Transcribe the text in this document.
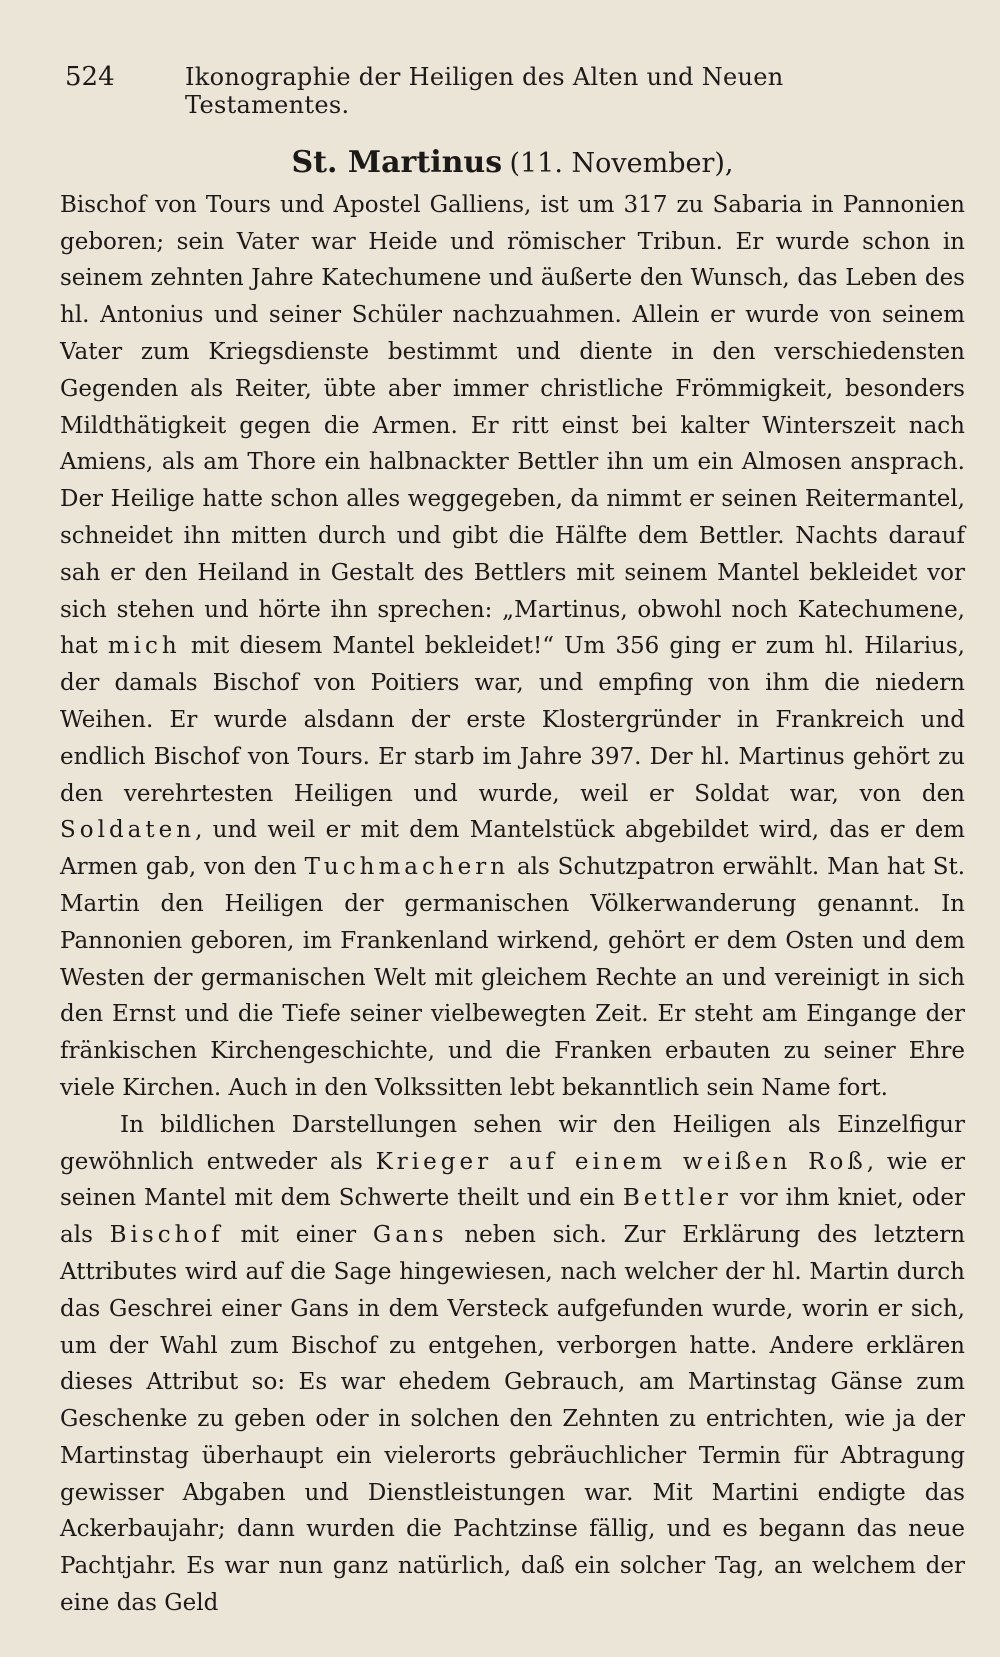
524	Ikonographie der Heiligen des Alten und Neuen Testamentes.
St. Martinus (11. November),

Bischof von Tours und Apostel Galliens, ist um 317 zu Sabaria in Pannonien geboren; sein Vater war Heide und römischer Tribun. Er wurde schon in seinem zehnten Jahre Katechumene und äußerte den Wunsch, das Leben des hl. Antonius und seiner Schüler nachzuahmen. Allein er wurde von seinem Vater zum Kriegsdienste bestimmt und diente in den verschiedensten Gegenden als Reiter, übte aber immer christliche Frömmigkeit, besonders Mildthätigkeit gegen die Armen. Er ritt einst bei kalter Winterszeit nach Amiens, als am Thore ein halbnackter Bettler ihn um ein Almosen ansprach. Der Heilige hatte schon alles weggegeben, da nimmt er seinen Reitermantel, schneidet ihn mitten durch und gibt die Hälfte dem Bettler. Nachts darauf sah er den Heiland in Gestalt des Bettlers mit seinem Mantel bekleidet vor sich stehen und hörte ihn sprechen: „Martinus, obwohl noch Katechumene, hat mich mit diesem Mantel bekleidet!“ Um 356 ging er zum hl. Hilarius, der damals Bischof von Poitiers war, und empfing von ihm die niedern Weihen. Er wurde alsdann der erste Klostergründer in Frankreich und endlich Bischof von Tours. Er starb im Jahre 397. Der hl. Martinus gehört zu den verehrtesten Heiligen und wurde, weil er Soldat war, von den Soldaten, und weil er mit dem Mantelstück abgebildet wird, das er dem Armen gab, von den Tuchmachern als Schutzpatron erwählt. Man hat St. Martin den Heiligen der germanischen Völkerwanderung genannt. In Pannonien geboren, im Frankenland wirkend, gehört er dem Osten und dem Westen der germanischen Welt mit gleichem Rechte an und vereinigt in sich den Ernst und die Tiefe seiner vielbewegten Zeit. Er steht am Eingange der fränkischen Kirchengeschichte, und die Franken erbauten zu seiner Ehre viele Kirchen. Auch in den Volkssitten lebt bekanntlich sein Name fort.

In bildlichen Darstellungen sehen wir den Heiligen als Einzelfigur gewöhnlich entweder als Krieger auf einem weißen Roß, wie er seinen Mantel mit dem Schwerte theilt und ein Bettler vor ihm kniet, oder als Bischof mit einer Gans neben sich. Zur Erklärung des letztern Attributes wird auf die Sage hingewiesen, nach welcher der hl. Martin durch das Geschrei einer Gans in dem Versteck aufgefunden wurde, worin er sich, um der Wahl zum Bischof zu entgehen, verborgen hatte. Andere erklären dieses Attribut so: Es war ehedem Gebrauch, am Martinstag Gänse zum Geschenke zu geben oder in solchen den Zehnten zu entrichten, wie ja der Martinstag überhaupt ein vielerorts gebräuchlicher Termin für Abtragung gewisser Abgaben und Dienstleistungen war. Mit Martini endigte das Ackerbaujahr; dann wurden die Pachtzinse fällig, und es begann das neue Pachtjahr. Es war nun ganz natürlich, daß ein solcher Tag, an welchem der eine das Geld
